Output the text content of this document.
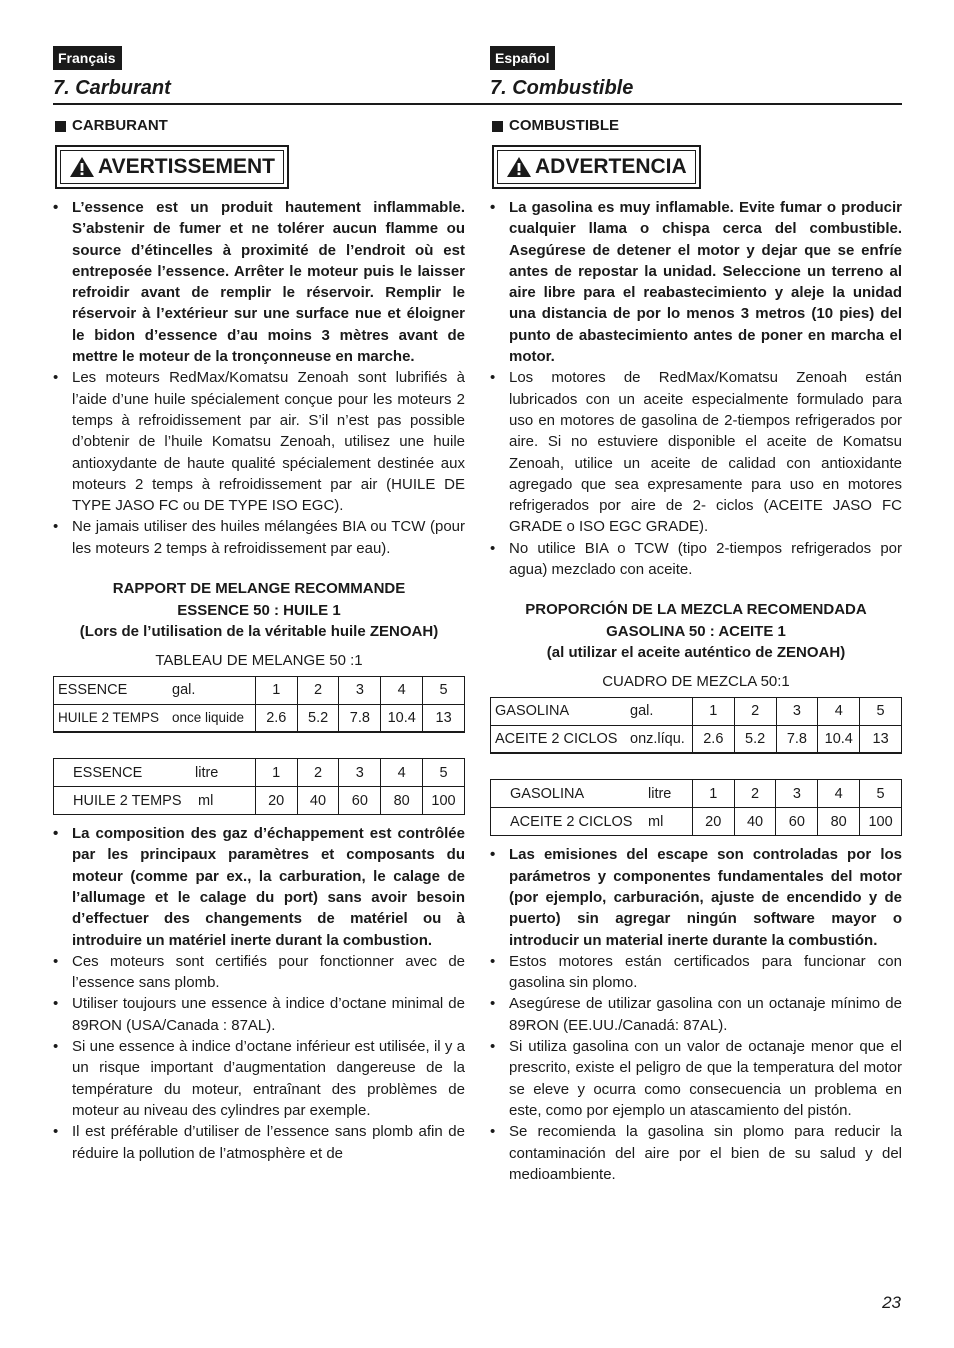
Français
7. Carburant
CARBURANT
AVERTISSEMENT
• L’essence est un produit hautement inflammable. S’abstenir de fumer et ne tolérer aucun flamme ou source d’étincelles à proximité de l’endroit où est entreposée l’essence. Arrêter le moteur puis le laisser refroidir avant de remplir le réservoir. Remplir le réservoir à l’extérieur sur une surface nue et éloigner le bidon d’essence d’au moins 3 mètres avant de mettre le moteur de la tronçonneuse en marche.
• Les moteurs RedMax/Komatsu Zenoah sont lubrifiés à l’aide d’une huile spécialement conçue pour les moteurs 2 temps à refroidissement par air. S’il n’est pas possible d’obtenir de l’huile Komatsu Zenoah, utilisez une huile antioxydante de haute qualité spécialement destinée aux moteurs 2 temps à refroidissement par air (HUILE DE TYPE JASO FC ou DE TYPE ISO EGC).
• Ne jamais utiliser des huiles mélangées BIA ou TCW (pour les moteurs 2 temps à refroidissement par eau).
RAPPORT DE MELANGE RECOMMANDE
ESSENCE 50 : HUILE 1
(Lors de l’utilisation de la véritable huile ZENOAH)
TABLEAU DE MELANGE 50 :1
ESSENCE gal.	1	2	3	4	5
HUILE 2 TEMPS once liquide	2.6	5.2	7.8	10.4	13
ESSENCE litre	1	2	3	4	5
HUILE 2 TEMPS ml	20	40	60	80	100
• La composition des gaz d’échappement est contrôlée par les principaux paramètres et composants du moteur (comme par ex., la carburation, le calage de l’allumage et le calage du port) sans avoir besoin d’effectuer des changements de matériel ou à introduire un matériel inerte durant la combustion.
• Ces moteurs sont certifiés pour fonctionner avec de l’essence sans plomb.
• Utiliser toujours une essence à indice d’octane minimal de 89RON (USA/Canada : 87AL).
• Si une essence à indice d’octane inférieur est utilisée, il y a un risque important d’augmentation dangereuse de la température du moteur, entraînant des problèmes de moteur au niveau des cylindres par exemple.
• Il est préférable d’utiliser de l’essence sans plomb afin de réduire la pollution de l’atmosphère et de
Español
7. Combustible
COMBUSTIBLE
ADVERTENCIA
• La gasolina es muy inflamable. Evite fumar o producir cualquier llama o chispa cerca del combustible. Asegúrese de detener el motor y dejar que se enfríe antes de repostar la unidad. Seleccione un terreno al aire libre para el reabastecimiento y aleje la unidad una distancia de por lo menos 3 metros (10 pies) del punto de abastecimiento antes de poner en marcha el motor.
• Los motores de RedMax/Komatsu Zenoah están lubricados con un aceite especialmente formulado para uso en motores de gasolina de 2-tiempos refrigerados por aire. Si no estuviere disponible el aceite de Komatsu Zenoah, utilice un aceite de calidad con antioxidante agregado que sea expresamente para uso en motores refrigerados por aire de 2- ciclos (ACEITE JASO FC GRADE o ISO EGC GRADE).
• No utilice BIA o TCW (tipo 2-tiempos refrigerados por agua) mezclado con aceite.
PROPORCIÓN DE LA MEZCLA RECOMENDADA
GASOLINA 50 : ACEITE 1
(al utilizar el aceite auténtico de ZENOAH)
CUADRO DE MEZCLA 50:1
GASOLINA gal.	1	2	3	4	5
ACEITE 2 CICLOS onz.líqu.	2.6	5.2	7.8	10.4	13
GASOLINA litre	1	2	3	4	5
ACEITE 2 CICLOS ml	20	40	60	80	100
• Las emisiones del escape son controladas por los parámetros y componentes fundamentales del motor (por ejemplo, carburación, ajuste de encendido y de puerto) sin agregar ningún software mayor o introducir un material inerte durante la combustión.
• Estos motores están certificados para funcionar con gasolina sin plomo.
• Asegúrese de utilizar gasolina con un octanaje mínimo de 89RON (EE.UU./Canadá: 87AL).
• Si utiliza gasolina con un valor de octanaje menor que el prescrito, existe el peligro de que la temperatura del motor se eleve y ocurra como consecuencia un problema en este, como por ejemplo un atascamiento del pistón.
• Se recomienda la gasolina sin plomo para reducir la contaminación del aire por el bien de su salud y del medioambiente.
23
